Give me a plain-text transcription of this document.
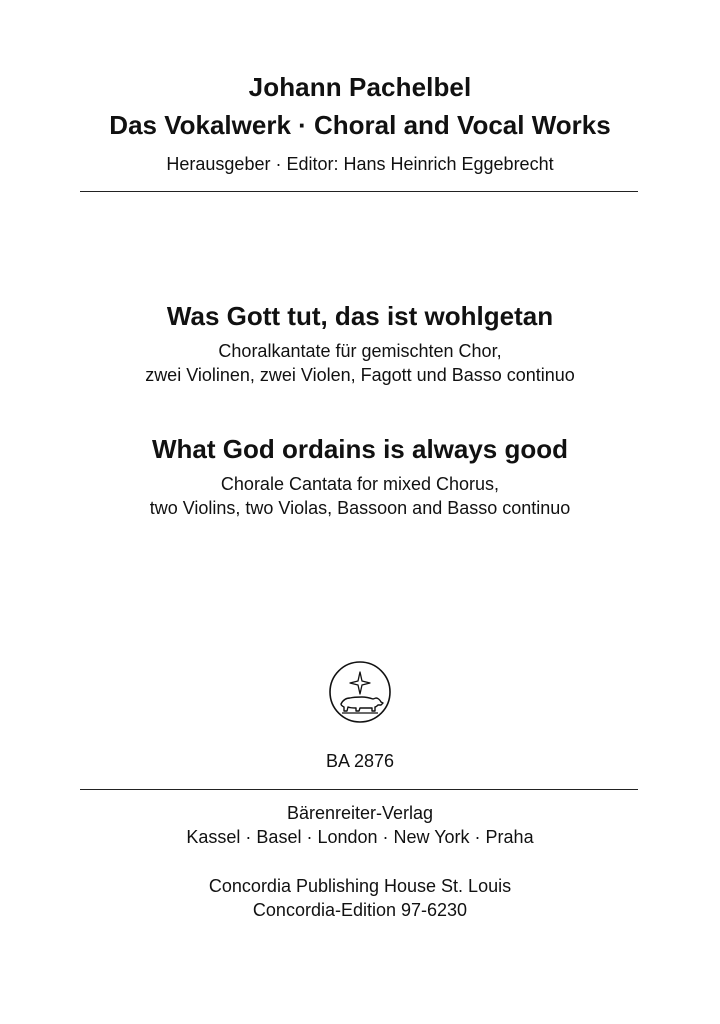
Johann Pachelbel
Das Vokalwerk · Choral and Vocal Works
Herausgeber · Editor: Hans Heinrich Eggebrecht
Was Gott tut, das ist wohlgetan
Choralkantate für gemischten Chor,
zwei Violinen, zwei Violen, Fagott und Basso continuo
What God ordains is always good
Chorale Cantata for mixed Chorus,
two Violins, two Violas, Bassoon and Basso continuo
BA 2876
Bärenreiter-Verlag
Kassel · Basel · London · New York · Praha
Concordia Publishing House St. Louis
Concordia-Edition 97-6230
